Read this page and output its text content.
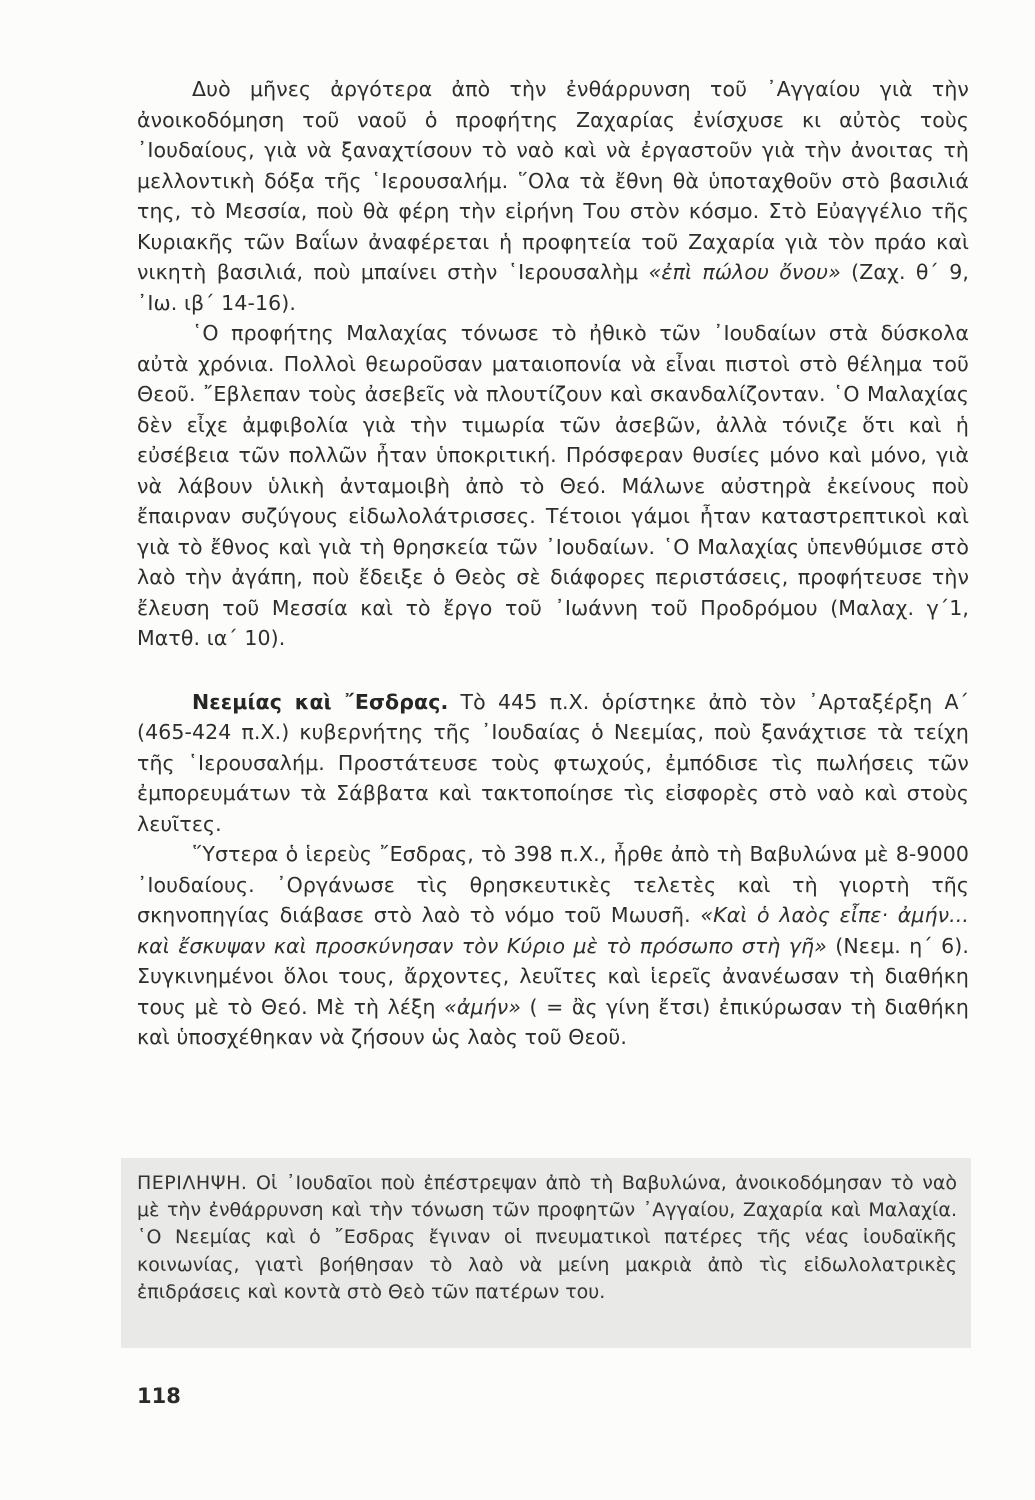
Δυὸ μῆνες ἀργότερα ἀπὸ τὴν ἐνθάρρυνση τοῦ ᾿Αγγαίου γιὰ τὴν ἀνοικοδόμηση τοῦ ναοῦ ὁ προφήτης Ζαχαρίας ἐνίσχυσε κι αὐτὸς τοὺς ᾿Ιουδαίους, γιὰ νὰ ξαναχτίσουν τὸ ναὸ καὶ νὰ ἐργαστοῦν γιὰ τὴν ἀνοιτας τὴ μελλοντικὴ δόξα τῆς ῾Ιερουσαλήμ. ῞Ολα τὰ ἔθνη θὰ ὑποταχθοῦν στὸ βασιλιά της, τὸ Μεσσία, ποὺ θὰ φέρη τὴν εἰρήνη Του στὸν κόσμο. Στὸ Εὐαγγέλιο τῆς Κυριακῆς τῶν Βαΐων ἀναφέρεται ἡ προφητεία τοῦ Ζαχαρία γιὰ τὸν πράο καὶ νικητὴ βασιλιά, ποὺ μπαίνει στὴν ῾Ιερουσαλὴμ «ἐπὶ πώλου ὄνου» (Ζαχ. θ΄ 9, ᾿Ιω. ιβ΄ 14-16).

῾Ο προφήτης Μαλαχίας τόνωσε τὸ ἠθικὸ τῶν ᾿Ιουδαίων στὰ δύσκολα αὐτὰ χρόνια. Πολλοὶ θεωροῦσαν ματαιοπονία νὰ εἶναι πιστοὶ στὸ θέλημα τοῦ Θεοῦ. ῎Εβλεπαν τοὺς ἀσεβεῖς νὰ πλουτίζουν καὶ σκανδαλίζονταν. ῾Ο Μαλαχίας δὲν εἶχε ἀμφιβολία γιὰ τὴν τιμωρία τῶν ἀσεβῶν, ἀλλὰ τόνιζε ὅτι καὶ ἡ εὐσέβεια τῶν πολλῶν ἦταν ὑποκριτική. Πρόσφεραν θυσίες μόνο καὶ μόνο, γιὰ νὰ λάβουν ὑλικὴ ἀνταμοιβὴ ἀπὸ τὸ Θεό. Μάλωνε αὐστηρὰ ἐκείνους ποὺ ἔπαιρναν συζύγους εἰδωλολάτρισσες. Τέτοιοι γάμοι ἦταν καταστρεπτικοὶ καὶ γιὰ τὸ ἔθνος καὶ γιὰ τὴ θρησκεία τῶν ᾿Ιουδαίων. ῾Ο Μαλαχίας ὑπενθύμισε στὸ λαὸ τὴν ἀγάπη, ποὺ ἔδειξε ὁ Θεὸς σὲ διάφορες περιστάσεις, προφήτευσε τὴν ἔλευση τοῦ Μεσσία καὶ τὸ ἔργο τοῦ ᾿Ιωάννη τοῦ Προδρόμου (Μαλαχ. γ΄1, Ματθ. ια΄ 10).

Νεεμίας καὶ ῎Εσδρας. Τὸ 445 π.Χ. ὁρίστηκε ἀπὸ τὸν ᾿Αρταξέρξη Α΄ (465-424 π.Χ.) κυβερνήτης τῆς ᾿Ιουδαίας ὁ Νεεμίας, ποὺ ξανάχτισε τὰ τείχη τῆς ῾Ιερουσαλήμ. Προστάτευσε τοὺς φτωχούς, ἐμπόδισε τὶς πωλήσεις τῶν ἐμπορευμάτων τὰ Σάββατα καὶ τακτοποίησε τὶς εἰσφορὲς στὸ ναὸ καὶ στοὺς λευῖτες.

῞Υστερα ὁ ἱερεὺς ῎Εσδρας, τὸ 398 π.Χ., ἦρθε ἀπὸ τὴ Βαβυλώνα μὲ 8-9000 ᾿Ιουδαίους. ᾿Οργάνωσε τὶς θρησκευτικὲς τελετὲς καὶ τὴ γιορτὴ τῆς σκηνοπηγίας διάβασε στὸ λαὸ τὸ νόμο τοῦ Μωυσῆ. «Καὶ ὁ λαὸς εἶπε· ἀμήν... καὶ ἔσκυψαν καὶ προσκύνησαν τὸν Κύριο μὲ τὸ πρόσωπο στὴ γῆ» (Νεεμ. η΄ 6). Συγκινημένοι ὅλοι τους, ἄρχοντες, λευῖτες καὶ ἱερεῖς ἀνανέωσαν τὴ διαθήκη τους μὲ τὸ Θεό. Μὲ τὴ λέξη «ἀμήν» ( = ἂς γίνη ἔτσι) ἐπικύρωσαν τὴ διαθήκη καὶ ὑποσχέθηκαν νὰ ζήσουν ὡς λαὸς τοῦ Θεοῦ.

ΠΕΡΙΛΗΨΗ. Οἱ ᾿Ιουδαῖοι ποὺ ἐπέστρεψαν ἀπὸ τὴ Βαβυλώνα, ἀνοικοδόμησαν τὸ ναὸ μὲ τὴν ἐνθάρρυνση καὶ τὴν τόνωση τῶν προφητῶν ᾿Αγγαίου, Ζαχαρία καὶ Μαλαχία. ῾Ο Νεεμίας καὶ ὁ ῎Εσδρας ἔγιναν οἱ πνευματικοὶ πατέρες τῆς νέας ἰουδαϊκῆς κοινωνίας, γιατὶ βοήθησαν τὸ λαὸ νὰ μείνη μακριὰ ἀπὸ τὶς εἰδωλολατρικὲς ἐπιδράσεις καὶ κοντὰ στὸ Θεὸ τῶν πατέρων του.

118
